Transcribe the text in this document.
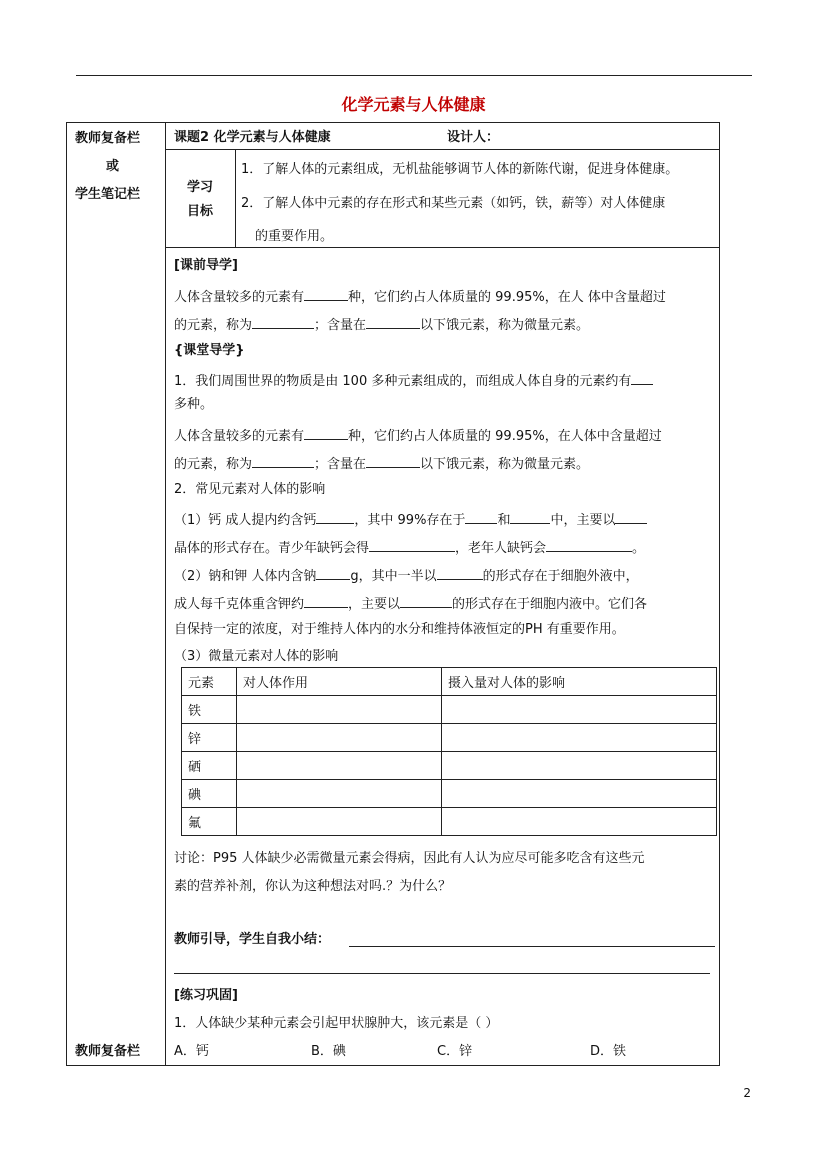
化学元素与人体健康
教师复备栏
或
学生笔记栏
教师复备栏
课题2 化学元素与人体健康	设计人：
学习
目标
1．了解人体的元素组成，无机盐能够调节人体的新陈代谢，促进身体健康。
2．了解人体中元素的存在形式和某些元素（如钙，铁，薪等）对人体健康
的重要作用。
[课前导学]
人体含量较多的元素有	种，它们约占人体质量的 99.95%，在人 体中含量超过
的元素，称为	；含量在	以下饿元素，称为微量元素。
{课堂导学}
1．我们周围世界的物质是由 100 多种元素组成的，而组成人体自身的元素约有
多种。
人体含量较多的元素有	种，它们约占人体质量的 99.95%，在人体中含量超过
的元素，称为	；含量在	以下饿元素，称为微量元素。
2．常见元素对人体的影响
（1）钙 成人提内约含钙	，其中 99%存在于 和	中，主要以
晶体的形式存在。青少年缺钙会得	，老年人缺钙会	。
（2）钠和钾 人体内含钠	g，其中一半以	的形式存在于细胞外液中，
成人每千克体重含钾约	，主要以	的形式存在于细胞内液中。它们各
自保持一定的浓度，对于维持人体内的水分和维持体液恒定的PH 有重要作用。
（3）微量元素对人体的影响
元素	对人体作用	摄入量对人体的影响
铁		
锌		
硒		
碘		
氟		
讨论：P95 人体缺少必需微量元素会得病，因此有人认为应尽可能多吃含有这些元
素的营养补剂，你认为这种想法对吗.？为什么？
教师引导，学生自我小结：
[练习巩固]
1．人体缺少某种元素会引起甲状腺肿大，该元素是（ ）
A．钙	B．碘	C．锌	D．铁
2
